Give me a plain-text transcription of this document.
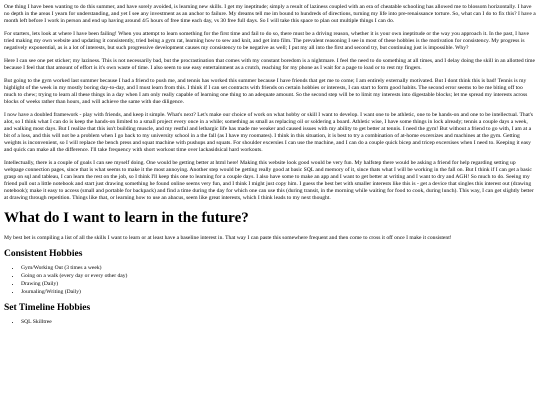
One thing I have been wanting to do this summer, and have sorely avoided, is learning new skills. I get my ineptitude; simply a result of laziness coupled with an era of cheatable schooling has allowed me to blossom horizontally. I have no depth in the areas I yearn for understanding, and yet I see any investment as an anchor to failure. My dreams tell me im bound to hundreds of directions, turning my life into pre-renaissance torture. So, what can I do to fix this? I have a month left before I work in person and end up having around 4/5 hours of free time each day, vs 30 free full days. So I will take this space to plan out multiple things I can do.

For starters, lets look at where I have been failing! When you attempt to learn something for the first time and fail to do so, there must be a driving reason, whether it is your own ineptitude or the way you approach it. In the past, I have tried making my own website and updating it consistently, tried being a gym rat, learning how to sew and knit, and get into film. The prevalent reasoning I see in most of these hobbies is the motivation for consistency. My progress is negatively exponential, as is a lot of interests, but such progressive development causes my consistency to be negative as well; I put my all into the first and second try, but continuing just is impossible. Why?

Here I can see one pet sticker; my laziness. This is not necessarily bad, but the procrastination that comes with my constant boredom is a nightmare. I feel the need to do something at all times, and I delay doing the skill in an allotted time because I feel that that amount of effort is it's own waste of time. I also seem to use easy entertainment as a crutch, reaching for my phone as I wait for a page to load or to rest my fingers.

But going to the gym worked last summer because I had a friend to push me, and tennis has worked this summer because I have friends that get me to come; I am entirely externally motivated. But I dont think this is bad! Tennis is my highlight of the week in my mostly boring day-to-day, and I must learn from this. I think if I can set contracts with friends on certain hobbies or interests, I can start to form good habits. The second error seems to be me biting off too much to chew; trying to learn all these things in a day when I am only really capable of learning one thing to an adequate amount. So the second step will be to limit my interests into digestable blocks; let me spread my interests across blocks of weeks rather than hours, and will achieve the same with due diligence.

I now have a doubled framework - play with friends, and keep it simple. What's next? Let's make our choice of work on what hobby or skill I want to develop. I want one to be athletic, one to be hands-on and one to be intellectual. That's alot, so I think what I can do is keep the hands-on limited to a small project every once in a while; something as small as replacing oil or soldering a board. Athletic wise, I have some things in lock already; tennis a couple days a week, and walking most days. But I realize that this isn't building muscle, and my restful and lethargic life has made me weaker and caused issues with my ability to get better at tennis. I need the gym! But without a friend to go with, I am at a bit of a loss, and this will not be a problem when I go back to my university school in a the fall (as I have my roomates). I think in this situation, it is best to try a combination of at-home excersizes and machines at the gym. Getting weights is inconvenient, so I will replace the bench press and squat machine with pushups and squats. For shoulder excersies I can use the machine, and I can do a couple quick bicep and tricep excersises when I need to. Keeping it easy and quick can make all the difference. I'll take frequency with short workout time over lackasidsical hard workouts.

Intellectually, there is a couple of goals I can see myself doing. One would be getting better at html here! Making this website look good would be very fun. My halfstep there would be asking a friend for help regarding setting up webpage connection pages, since that is what seems to make it the most annoying. Another step would be getting really good at basic SQL and memory of it, since thats what I will be working in the fall on. But I think if I can get a basic grasp on sql and tableau, I can learn the rest on the job, so I think I'll keep this one to learning for a couple days. I also have some to make an app and I want to get better at writing and I want to dry and AGH! So much to do. Seeing my friend pull out a little notebook and start just drawing something he found online seems very fun, and I think I might just copy him. I guess the best bet with smaller interests like this is - get a device that singles this interest out (drawing notebook); make it easy to access (small and portable for backpack) and find a time during the day for which one can use this (during transit, in the morning while waiting for food to cook, during lunch). This way, I can get slightly better at drawing through repetition. Things like that, or learning how to use an abacus, seem like great interests, which I think leads to my next thought.

What do I want to learn in the future?

My best bet is compiling a list of all the skills I want to learn or at least have a baseline interest in. That way I can paste this somewhere frequent and then come to cross it off once I make it consistent!

Consistent Hobbies
• Gym/Working Out (3 times a week)
• Going on a walk (every day or every other day)
• Drawing (Daily)
• Journaling/Writing (Daily)
Set Timeline Hobbies
• SQL Skilltree
